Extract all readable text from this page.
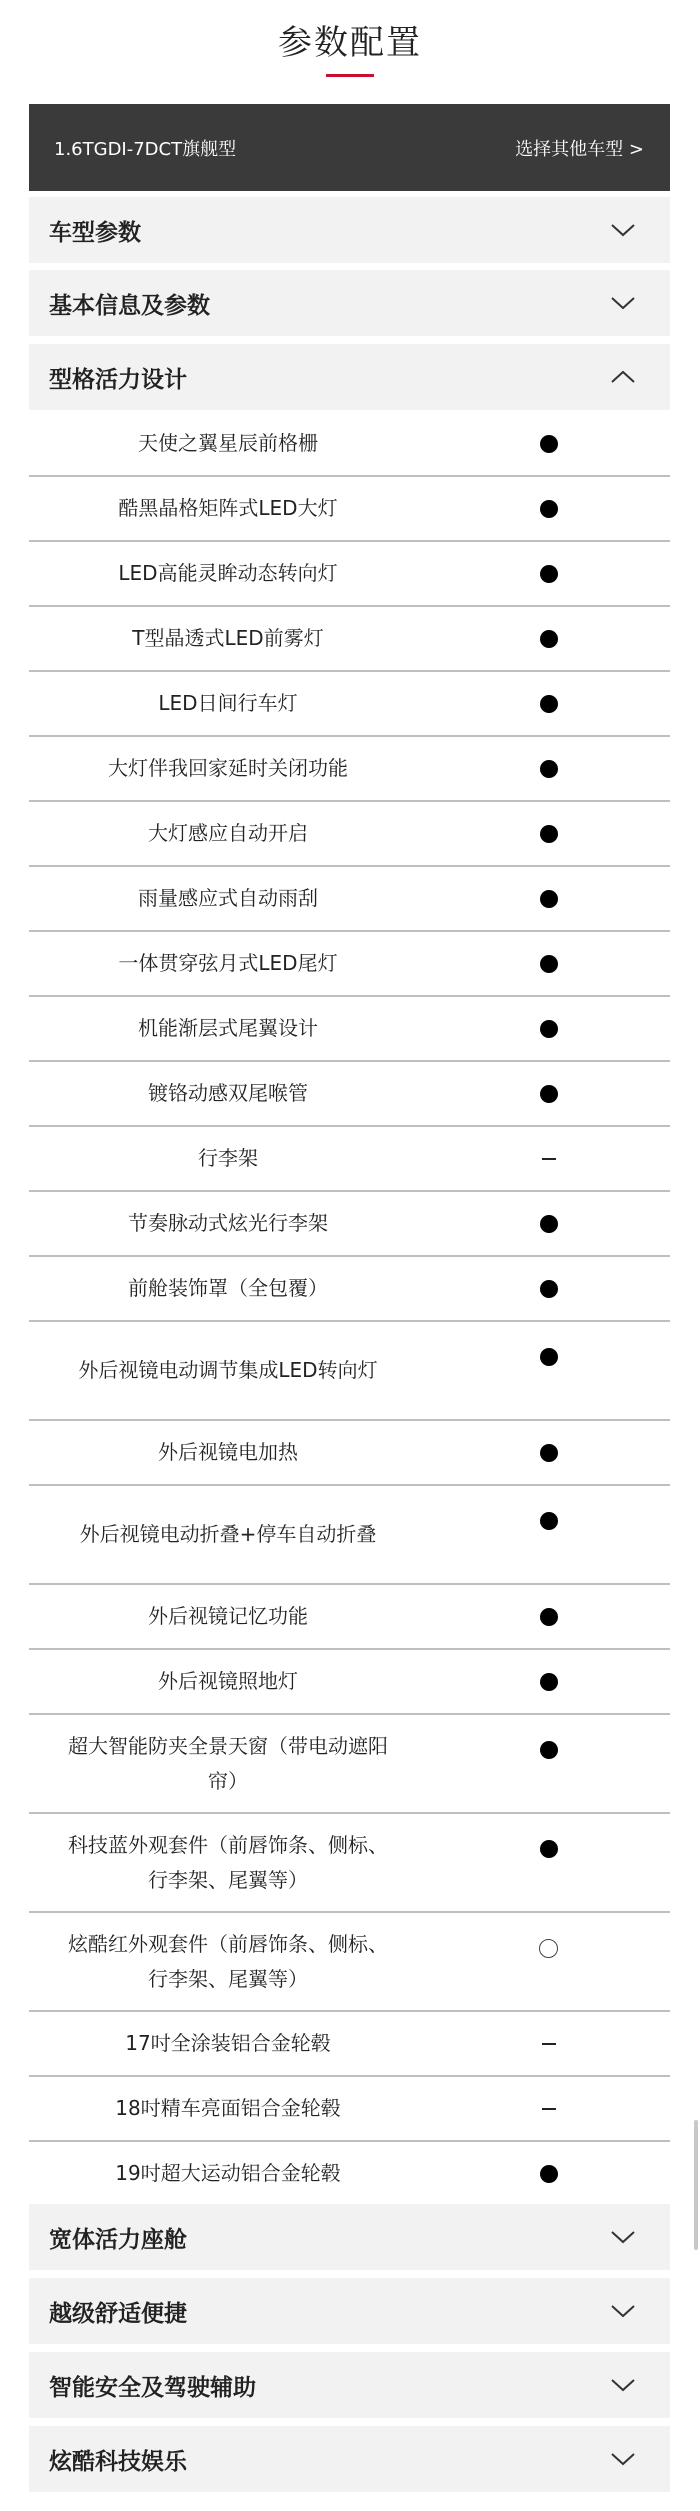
参数配置
1.6TGDI-7DCT旗舰型	选择其他车型 >
车型参数
基本信息及参数
型格活力设计
天使之翼星辰前格栅
酷黑晶格矩阵式LED大灯
LED高能灵眸动态转向灯
T型晶透式LED前雾灯
LED日间行车灯
大灯伴我回家延时关闭功能
大灯感应自动开启
雨量感应式自动雨刮
一体贯穿弦月式LED尾灯
机能渐层式尾翼设计
镀铬动感双尾喉管
行李架
节奏脉动式炫光行李架
前舱装饰罩（全包覆）
外后视镜电动调节集成LED转向灯
外后视镜电加热
外后视镜电动折叠+停车自动折叠
外后视镜记忆功能
外后视镜照地灯
超大智能防夹全景天窗（带电动遮阳帘）
科技蓝外观套件（前唇饰条、侧标、行李架、尾翼等）
炫酷红外观套件（前唇饰条、侧标、行李架、尾翼等）
17吋全涂装铝合金轮毂
18吋精车亮面铝合金轮毂
19吋超大运动铝合金轮毂
宽体活力座舱
越级舒适便捷
智能安全及驾驶辅助
炫酷科技娱乐
